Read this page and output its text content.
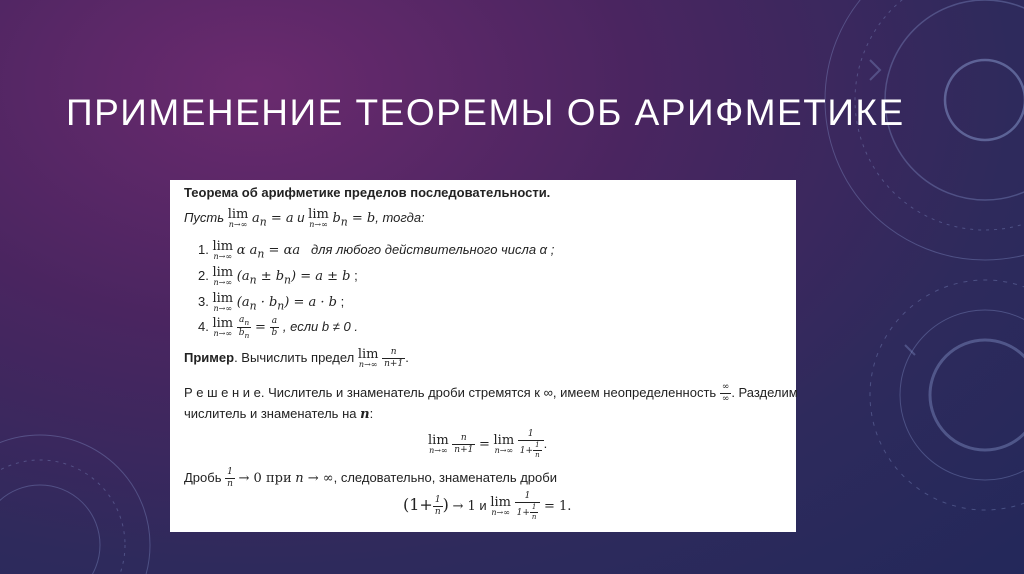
ПРИМЕНЕНИЕ ТЕОРЕМЫ ОБ АРИФМЕТИКЕ
Теорема об арифметике пределов последовательности.
Пусть lim
n→∞ $a_n = a$ и lim
n→∞ $b_n = b$, тогда:
1. lim
n→∞ α $a_n = \alpha a$ для любого действительного числа α ;
2. lim
n→∞ $(a_n \pm b_n) = a \pm b$ ;
3. lim
n→∞ $(a_n \cdot b_n) = a \cdot b$ ;
4. lim
n→∞
$\frac{a_n}{b_n} = \frac{a}{b}$ , если b ≠ 0 .
Пример. Вычислить предел lim
n→∞
$\frac{n}{n+1}$ .
Р е ш е н и е. Числитель и знаменатель дроби стремятся к ∞, имеем неопределенность $\frac{\infty}{\infty}$ . Разделим
числитель и знаменатель на n:
lim
n→∞
$\frac{n}{n+1} = \lim$
n→∞
$\frac{1}{1+ \frac{1}{n}}$ .
Дробь $\frac{1}{n} \to 0$ при n → ∞, следовательно, знаменатель дроби
($1+ \frac{1}{n}$ ) → 1 и lim
n→∞
$\frac{1}{1+ \frac{1}{n}} = 1$.
